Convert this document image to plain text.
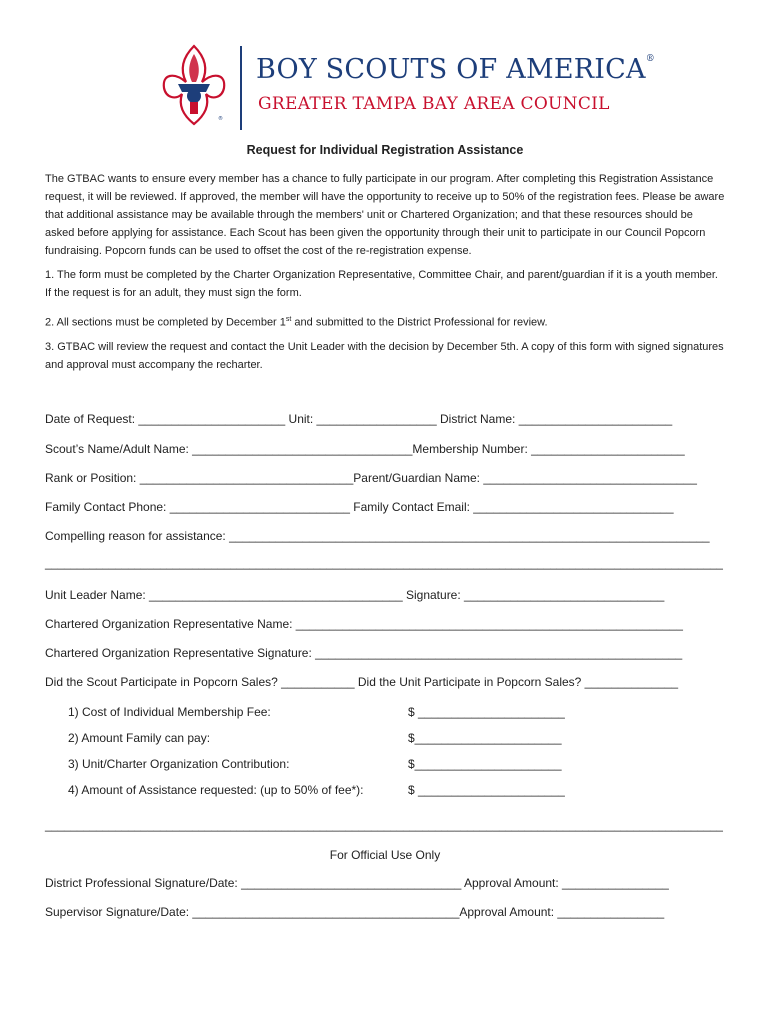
®
BOY SCOUTS OF AMERICA®
GREATER TAMPA BAY AREA COUNCIL
Request for Individual Registration Assistance
The GTBAC wants to ensure every member has a chance to fully participate in our program. After completing this Registration Assistance request, it will be reviewed. If approved, the member will have the opportunity to receive up to 50% of the registration fees. Please be aware that additional assistance may be available through the members' unit or Chartered Organization; and that these resources should be asked before applying for assistance. Each Scout has been given the opportunity through their unit to participate in our Council Popcorn fundraising. Popcorn funds can be used to offset the cost of the re-registration expense.
1. The form must be completed by the Charter Organization Representative, Committee Chair, and parent/guardian if it is a youth member. If the request is for an adult, they must sign the form.
2. All sections must be completed by December 1st and submitted to the District Professional for review.
3. GTBAC will review the request and contact the Unit Leader with the decision by December 5th. A copy of this form with signed signatures and approval must accompany the recharter.
Date of Request: ______________________ Unit: __________________ District Name: _______________________
Scout’s Name/Adult Name: _________________________________Membership Number: _______________________
Rank or Position: ________________________________Parent/Guardian Name: ________________________________
Family Contact Phone: ___________________________ Family Contact Email: ______________________________
Compelling reason for assistance: ________________________________________________________________________
__________________________________________________________________________________________________________
Unit Leader Name: ______________________________________ Signature: ______________________________
Chartered Organization Representative Name: __________________________________________________________
Chartered Organization Representative Signature: _______________________________________________________
Did the Scout Participate in Popcorn Sales? ___________ Did the Unit Participate in Popcorn Sales? ______________
1) Cost of Individual Membership Fee:	$ ______________________
2) Amount Family can pay:	$______________________
3) Unit/Charter Organization Contribution:	$______________________
4) Amount of Assistance requested: (up to 50% of fee*):	$ ______________________
__________________________________________________________________________________________________________
For Official Use Only
District Professional Signature/Date: _________________________________ Approval Amount: ________________
Supervisor Signature/Date: ________________________________________Approval Amount: ________________
